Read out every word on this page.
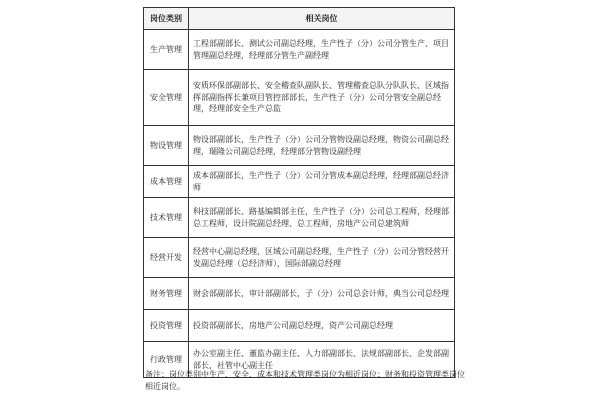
岗位类别	相关岗位
生产管理	工程部副部长、测试公司副总经理，生产性子（分）公司分管生产、项目管理副总经理，经理部分管生产副经理
安全管理	安质环保部副部长、安全稽查队副队长、管理稽查总队分队队长、区域指挥部副指挥长兼项目管控部部长，生产性子（分）公司分管安全副总经理，经理部安全生产总监
物设管理	物设部副部长，生产性子（分）公司分管物设副总经理，物资公司副总经理，瑞隆公司副总经理，经理部分管物设副经理
成本管理	成本部副部长，生产性子（分）公司分管成本副总经理，经理部副总经济师
技术管理	科技部副部长、路基编辑部主任，生产性子（分）公司总工程师，经理部总工程师，设计院副总经理、总工程师，房地产公司总建筑师
经营开发	经营中心副总经理，区域公司副总经理，生产性子（分）公司分管经营开发副总经理（总经济师），国际部副总经理
财务管理	财会部副部长，审计部副部长，子（分）公司总会计师，典当公司总经理
投资管理	投资部副部长，房地产公司副总经理，资产公司副总经理
行政管理	办公室副主任、董监办副主任、人力部副部长、法规部副部长、企发部副部长，社管中心副主任
备注：岗位类别中生产、安全、成本和技术管理类岗位为相近岗位；财务和投资管理类岗位相近岗位。
